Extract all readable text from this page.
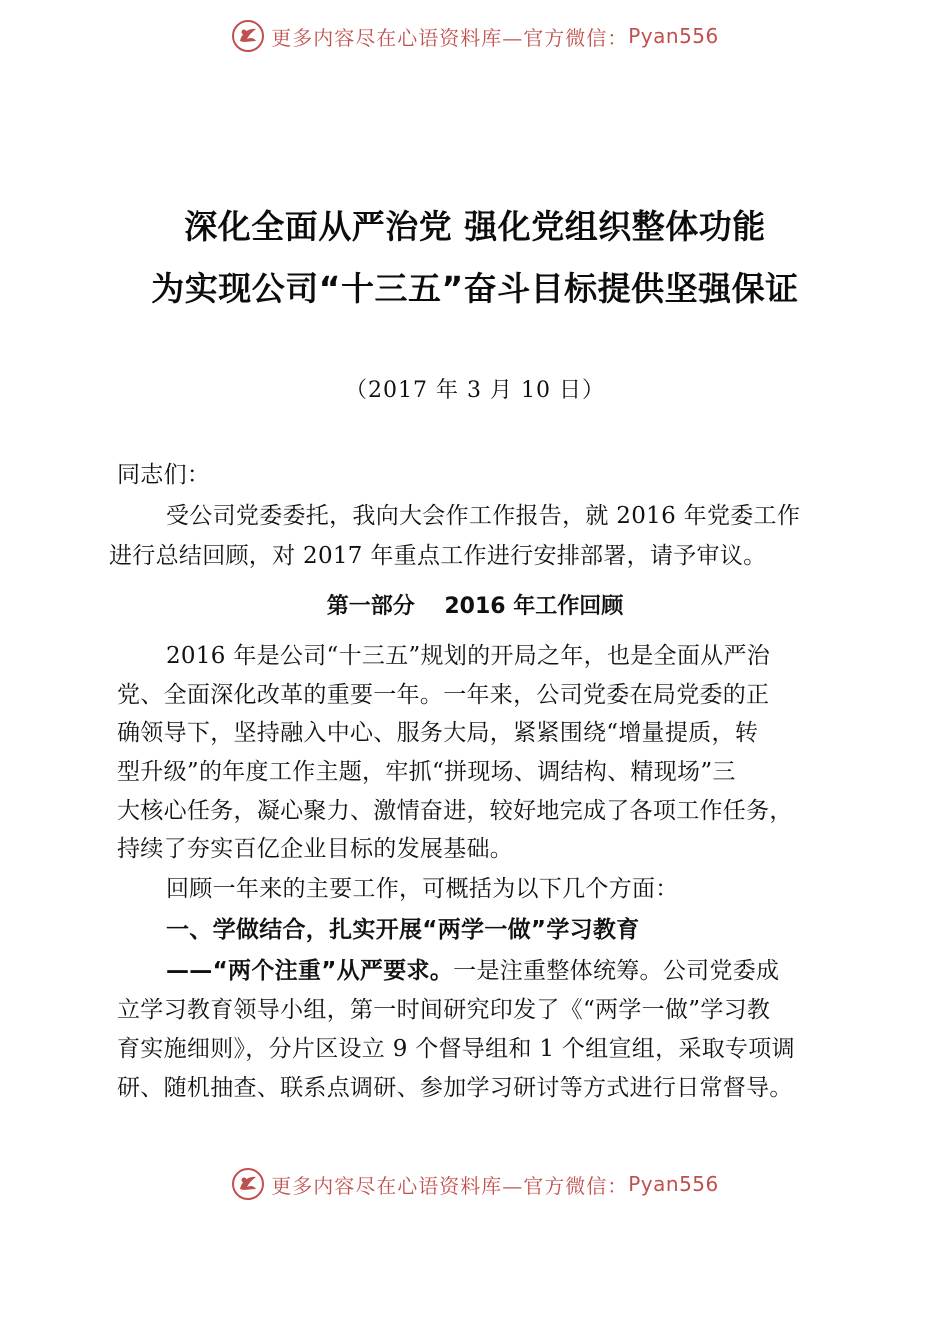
更多内容尽在心语资料库—官方微信： Pyan556
深化全面从严治党 强化党组织整体功能
为实现公司“十三五”奋斗目标提供坚强保证
（2017 年 3 月 10 日）
同志们：
受公司党委委托，我向大会作工作报告，就 2016 年党委工作
进行总结回顾，对 2017 年重点工作进行安排部署，请予审议。
第一部分　 2016 年工作回顾
2016 年是公司“十三五”规划的开局之年，也是全面从严治
党、全面深化改革的重要一年。一年来，公司党委在局党委的正
确领导下，坚持融入中心、服务大局，紧紧围绕“增量提质，转
型升级”的年度工作主题，牢抓“拼现场、调结构、精现场”三
大核心任务，凝心聚力、激情奋进，较好地完成了各项工作任务，
持续了夯实百亿企业目标的发展基础。
回顾一年来的主要工作，可概括为以下几个方面：
一、学做结合，扎实开展“两学一做”学习教育
——“两个注重”从严要求。一是注重整体统筹。公司党委成
立学习教育领导小组，第一时间研究印发了《“两学一做”学习教
育实施细则》，分片区设立 9 个督导组和 1 个组宣组，采取专项调
研、随机抽查、联系点调研、参加学习研讨等方式进行日常督导。
更多内容尽在心语资料库—官方微信： Pyan556
